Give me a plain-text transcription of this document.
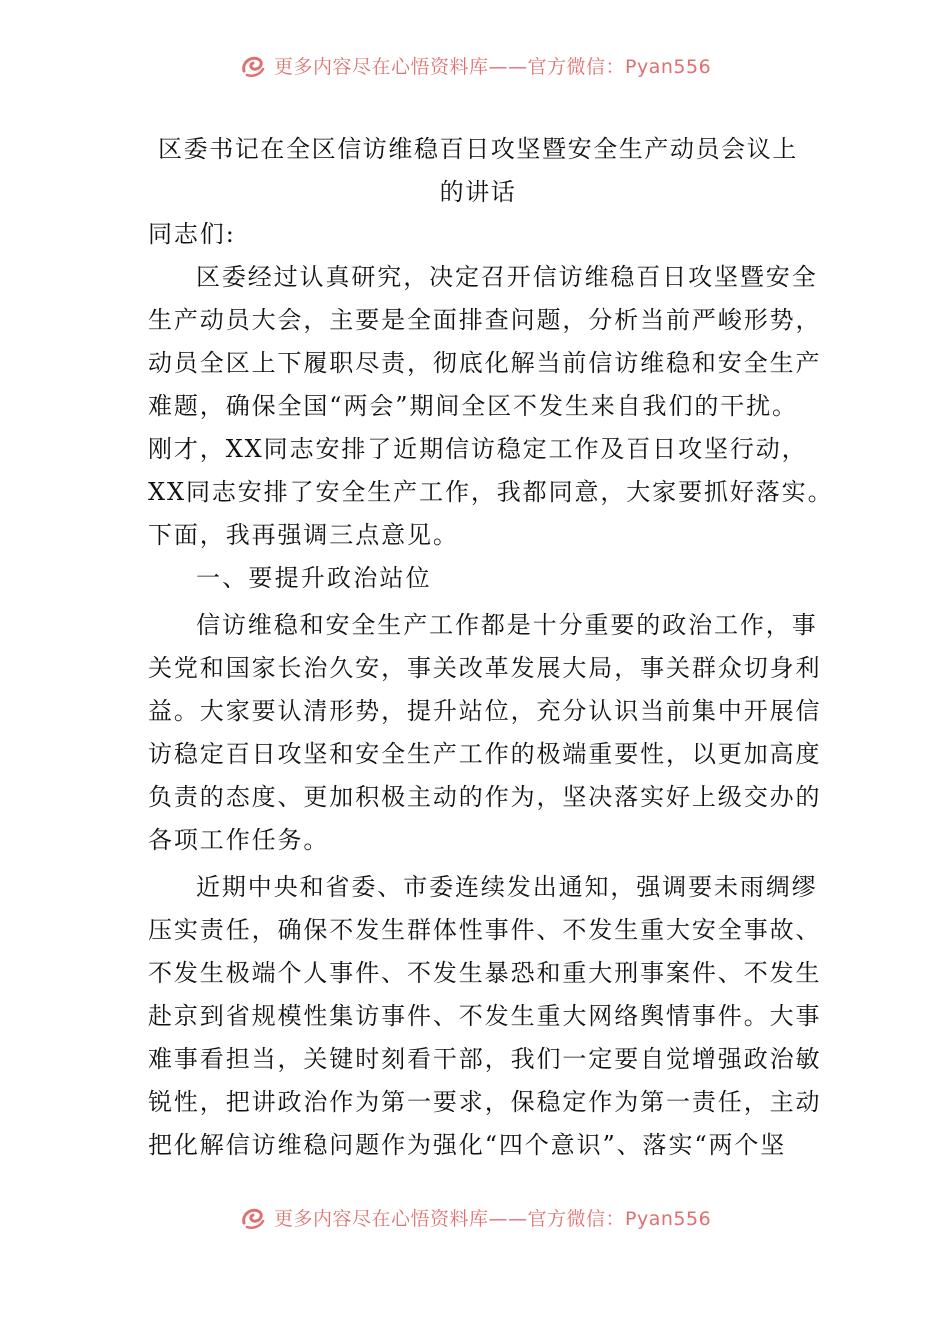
更多内容尽在心悟资料库——官方微信：Pyan556
区委书记在全区信访维稳百日攻坚暨安全生产动员会议上
的讲话
同志们:
区委经过认真研究，决定召开信访维稳百日攻坚暨安全
生产动员大会，主要是全面排查问题，分析当前严峻形势，
动员全区上下履职尽责，彻底化解当前信访维稳和安全生产
难题，确保全国“两会”期间全区不发生来自我们的干扰。
刚才，XX同志安排了近期信访稳定工作及百日攻坚行动，
XX同志安排了安全生产工作，我都同意，大家要抓好落实。
下面，我再强调三点意见。
一、要提升政治站位
信访维稳和安全生产工作都是十分重要的政治工作，事
关党和国家长治久安，事关改革发展大局，事关群众切身利
益。大家要认清形势，提升站位，充分认识当前集中开展信
访稳定百日攻坚和安全生产工作的极端重要性，以更加高度
负责的态度、更加积极主动的作为，坚决落实好上级交办的
各项工作任务。
近期中央和省委、市委连续发出通知，强调要未雨绸缪
压实责任，确保不发生群体性事件、不发生重大安全事故、
不发生极端个人事件、不发生暴恐和重大刑事案件、不发生
赴京到省规模性集访事件、不发生重大网络舆情事件。大事
难事看担当，关键时刻看干部，我们一定要自觉增强政治敏
锐性，把讲政治作为第一要求，保稳定作为第一责任，主动
把化解信访维稳问题作为强化“四个意识”、落实“两个坚
更多内容尽在心悟资料库——官方微信：Pyan556
